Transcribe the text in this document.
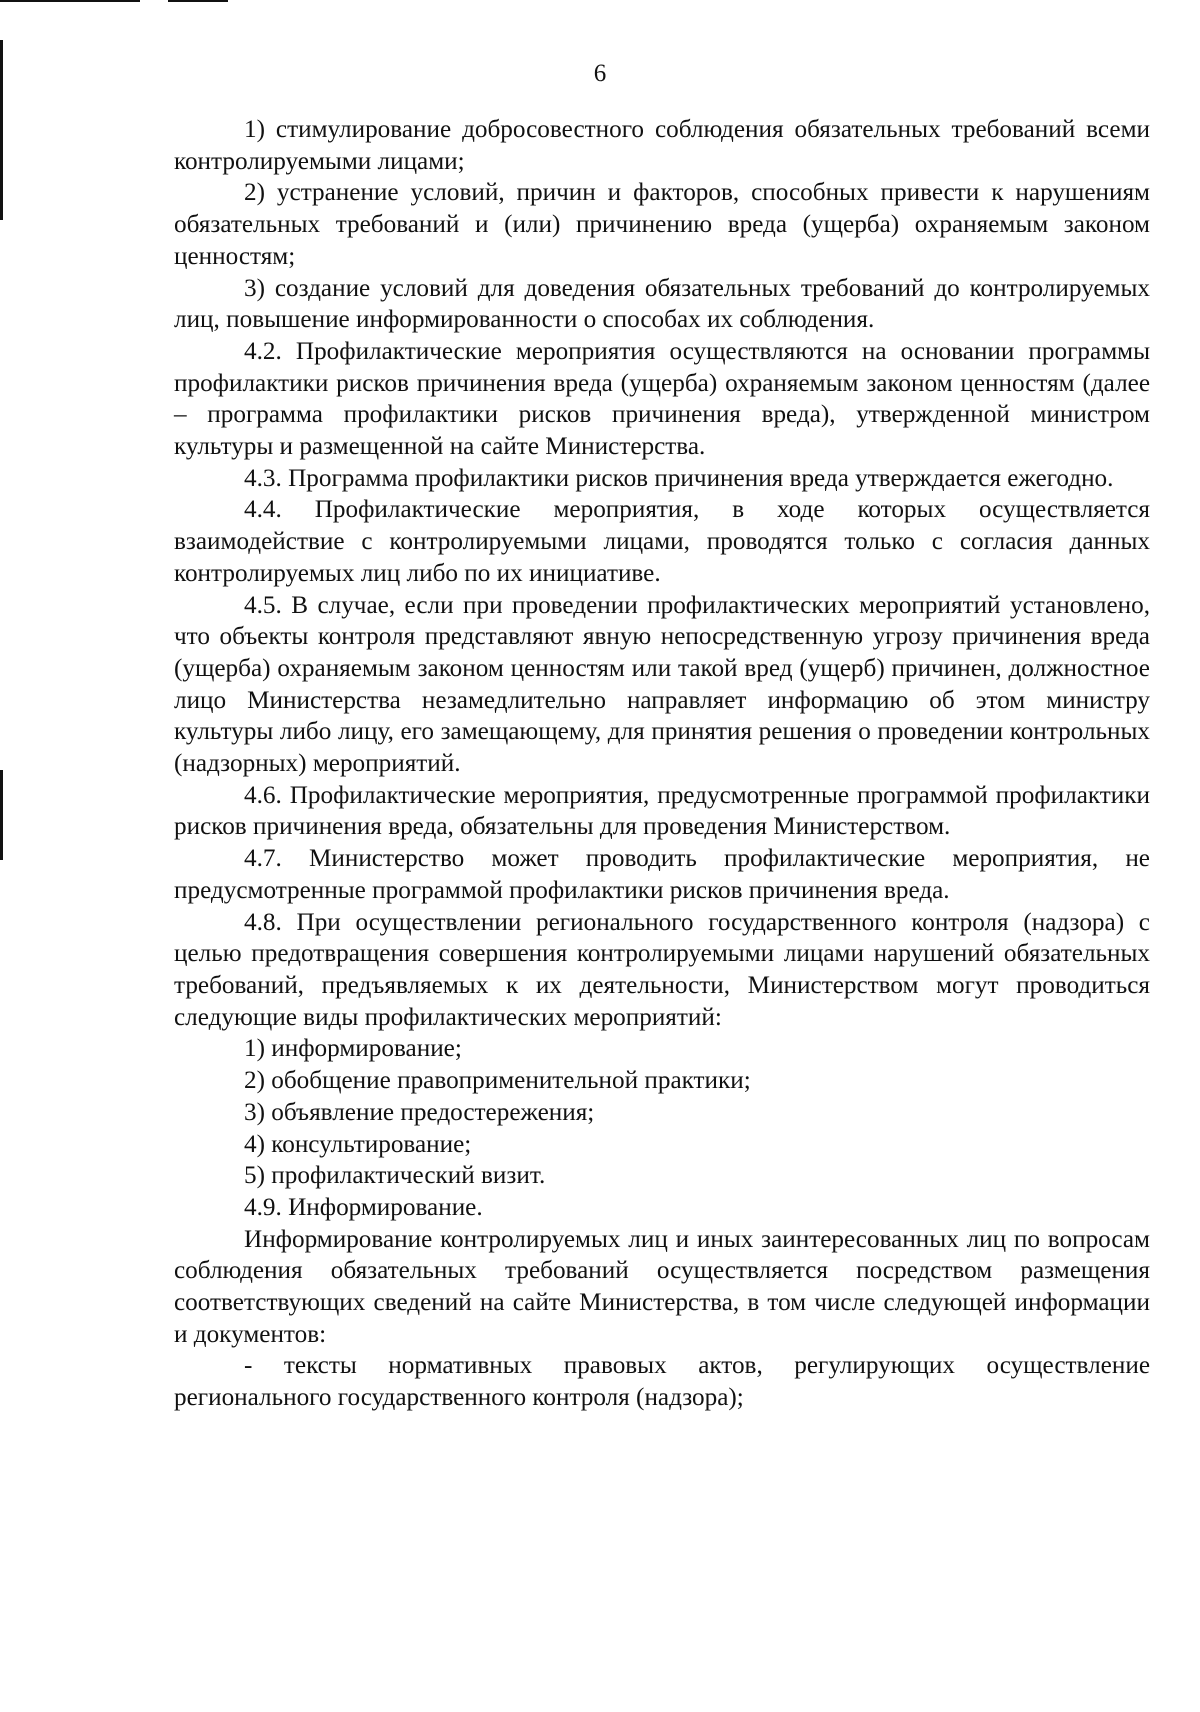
6

1) стимулирование добросовестного соблюдения обязательных требований всеми контролируемыми лицами;

2) устранение условий, причин и факторов, способных привести к нарушениям обязательных требований и (или) причинению вреда (ущерба) охраняемым законом ценностям;

3) создание условий для доведения обязательных требований до контролируемых лиц, повышение информированности о способах их соблюдения.

4.2. Профилактические мероприятия осуществляются на основании программы профилактики рисков причинения вреда (ущерба) охраняемым законом ценностям (далее – программа профилактики рисков причинения вреда), утвержденной министром культуры и размещенной на сайте Министерства.

4.3. Программа профилактики рисков причинения вреда утверждается ежегодно.

4.4. Профилактические мероприятия, в ходе которых осуществляется взаимодействие с контролируемыми лицами, проводятся только с согласия данных контролируемых лиц либо по их инициативе.

4.5. В случае, если при проведении профилактических мероприятий установлено, что объекты контроля представляют явную непосредственную угрозу причинения вреда (ущерба) охраняемым законом ценностям или такой вред (ущерб) причинен, должностное лицо Министерства незамедлительно направляет информацию об этом министру культуры либо лицу, его замещающему, для принятия решения о проведении контрольных (надзорных) мероприятий.

4.6. Профилактические мероприятия, предусмотренные программой профилактики рисков причинения вреда, обязательны для проведения Министерством.

4.7. Министерство может проводить профилактические мероприятия, не предусмотренные программой профилактики рисков причинения вреда.

4.8. При осуществлении регионального государственного контроля (надзора) с целью предотвращения совершения контролируемыми лицами нарушений обязательных требований, предъявляемых к их деятельности, Министерством могут проводиться следующие виды профилактических мероприятий:

1) информирование;

2) обобщение правоприменительной практики;

3) объявление предостережения;

4) консультирование;

5) профилактический визит.

4.9. Информирование.

Информирование контролируемых лиц и иных заинтересованных лиц по вопросам соблюдения обязательных требований осуществляется посредством размещения соответствующих сведений на сайте Министерства, в том числе следующей информации и документов:

- тексты нормативных правовых актов, регулирующих осуществление регионального государственного контроля (надзора);
